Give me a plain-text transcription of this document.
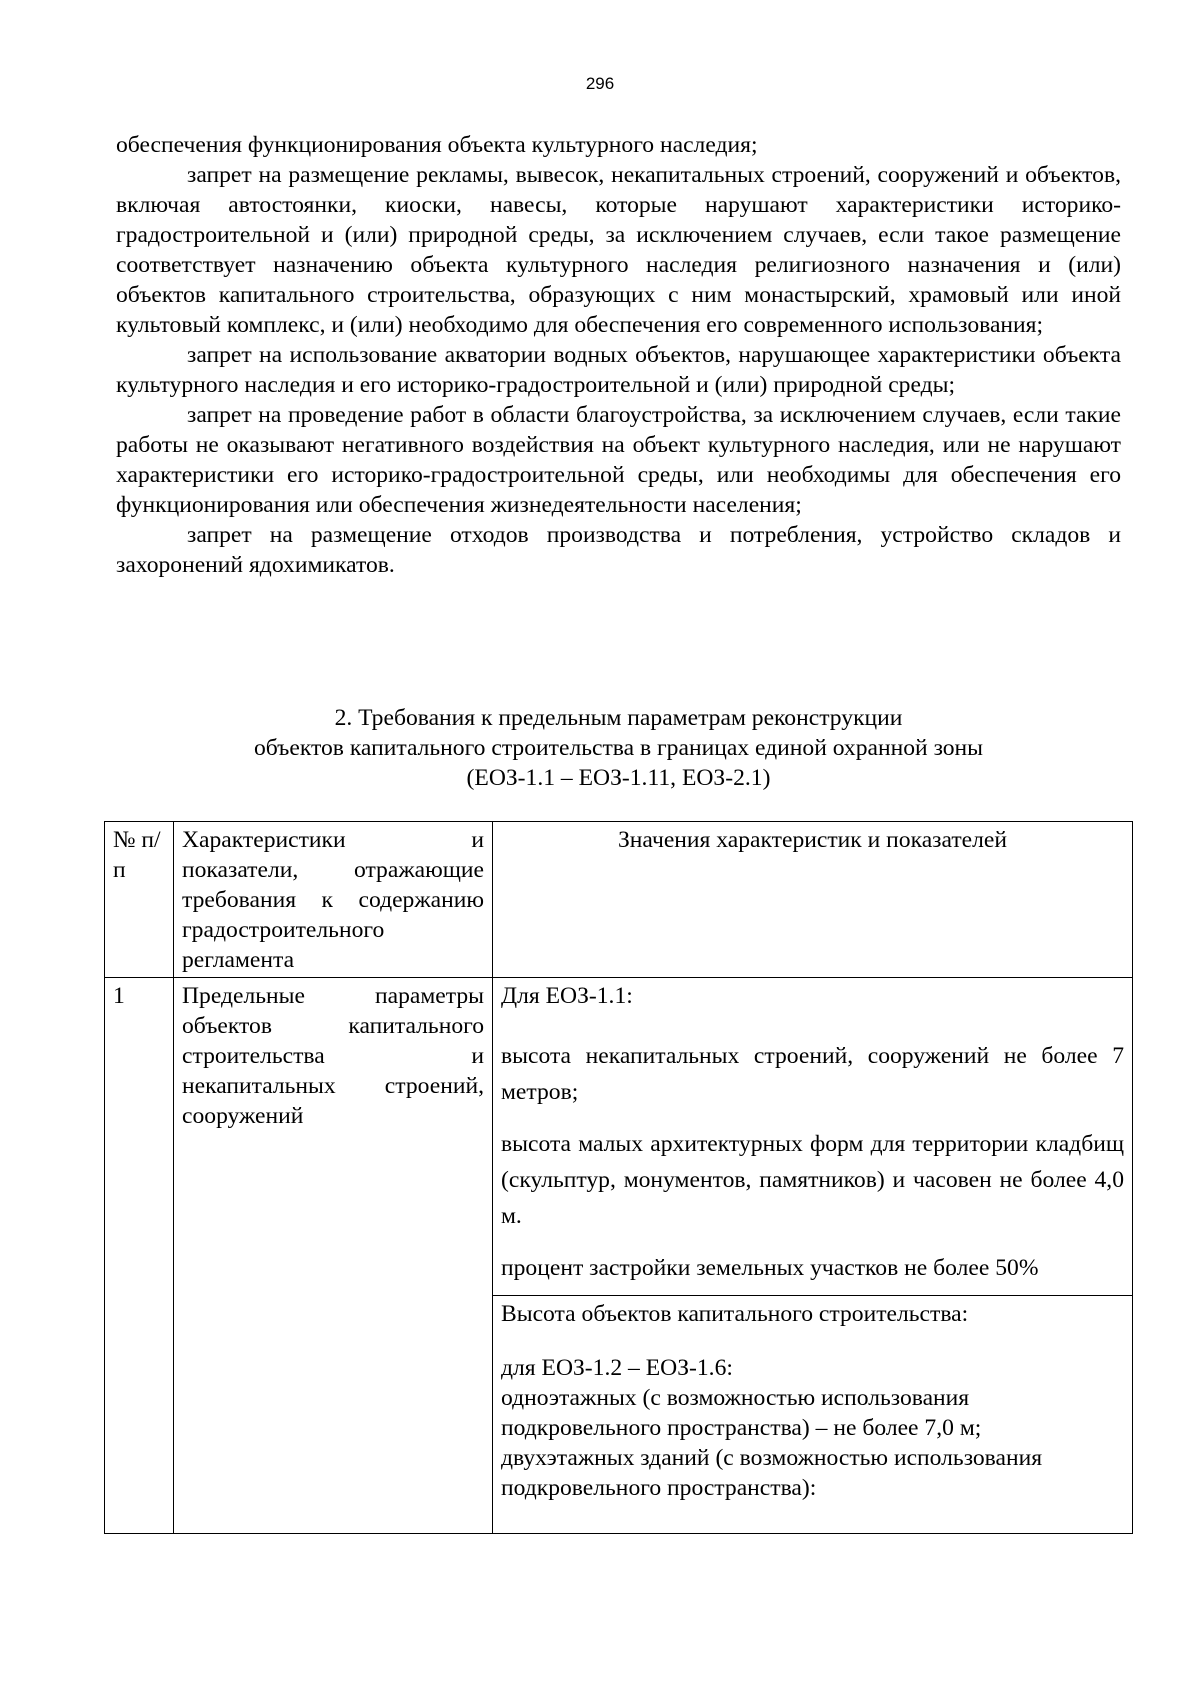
296

обеспечения функционирования объекта культурного наследия;

запрет на размещение рекламы, вывесок, некапитальных строений, сооружений и объектов, включая автостоянки, киоски, навесы, которые нарушают характеристики историко-градостроительной и (или) природной среды, за исключением случаев, если такое размещение соответствует назначению объекта культурного наследия религиозного назначения и (или) объектов капитального строительства, образующих с ним монастырский, храмовый или иной культовый комплекс, и (или) необходимо для обеспечения его современного использования;

запрет на использование акватории водных объектов, нарушающее характеристики объекта культурного наследия и его историко-градостроительной и (или) природной среды;

запрет на проведение работ в области благоустройства, за исключением случаев, если такие работы не оказывают негативного воздействия на объект культурного наследия, или не нарушают характеристики его историко-градостроительной среды, или необходимы для обеспечения его функционирования или обеспечения жизнедеятельности населения;

запрет на размещение отходов производства и потребления, устройство складов и захоронений ядохимикатов.

2. Требования к предельным параметрам реконструкции
объектов капитального строительства в границах единой охранной зоны
(ЕОЗ-1.1 – ЕОЗ-1.11, ЕОЗ-2.1)
№ п/п	Характеристики и показатели, отражающие требования к содержанию градостроительного регламента	Значения характеристик и показателей
1	Предельные параметры объектов капитального строительства и некапитальных строений, сооружений	Для ЕОЗ-1.1:

высота некапитальных строений, сооружений не более 7 метров;

высота малых архитектурных форм для территории кладбищ (скульптур, монументов, памятников) и часовен не более 4,0 м.

процент застройки земельных участков не более 50%

		Высота объектов капитального строительства:

для ЕОЗ-1.2 – ЕОЗ-1.6:

одноэтажных (с возможностью использования подкровельного пространства) – не более 7,0 м;

двухэтажных зданий (с возможностью использования подкровельного пространства):
